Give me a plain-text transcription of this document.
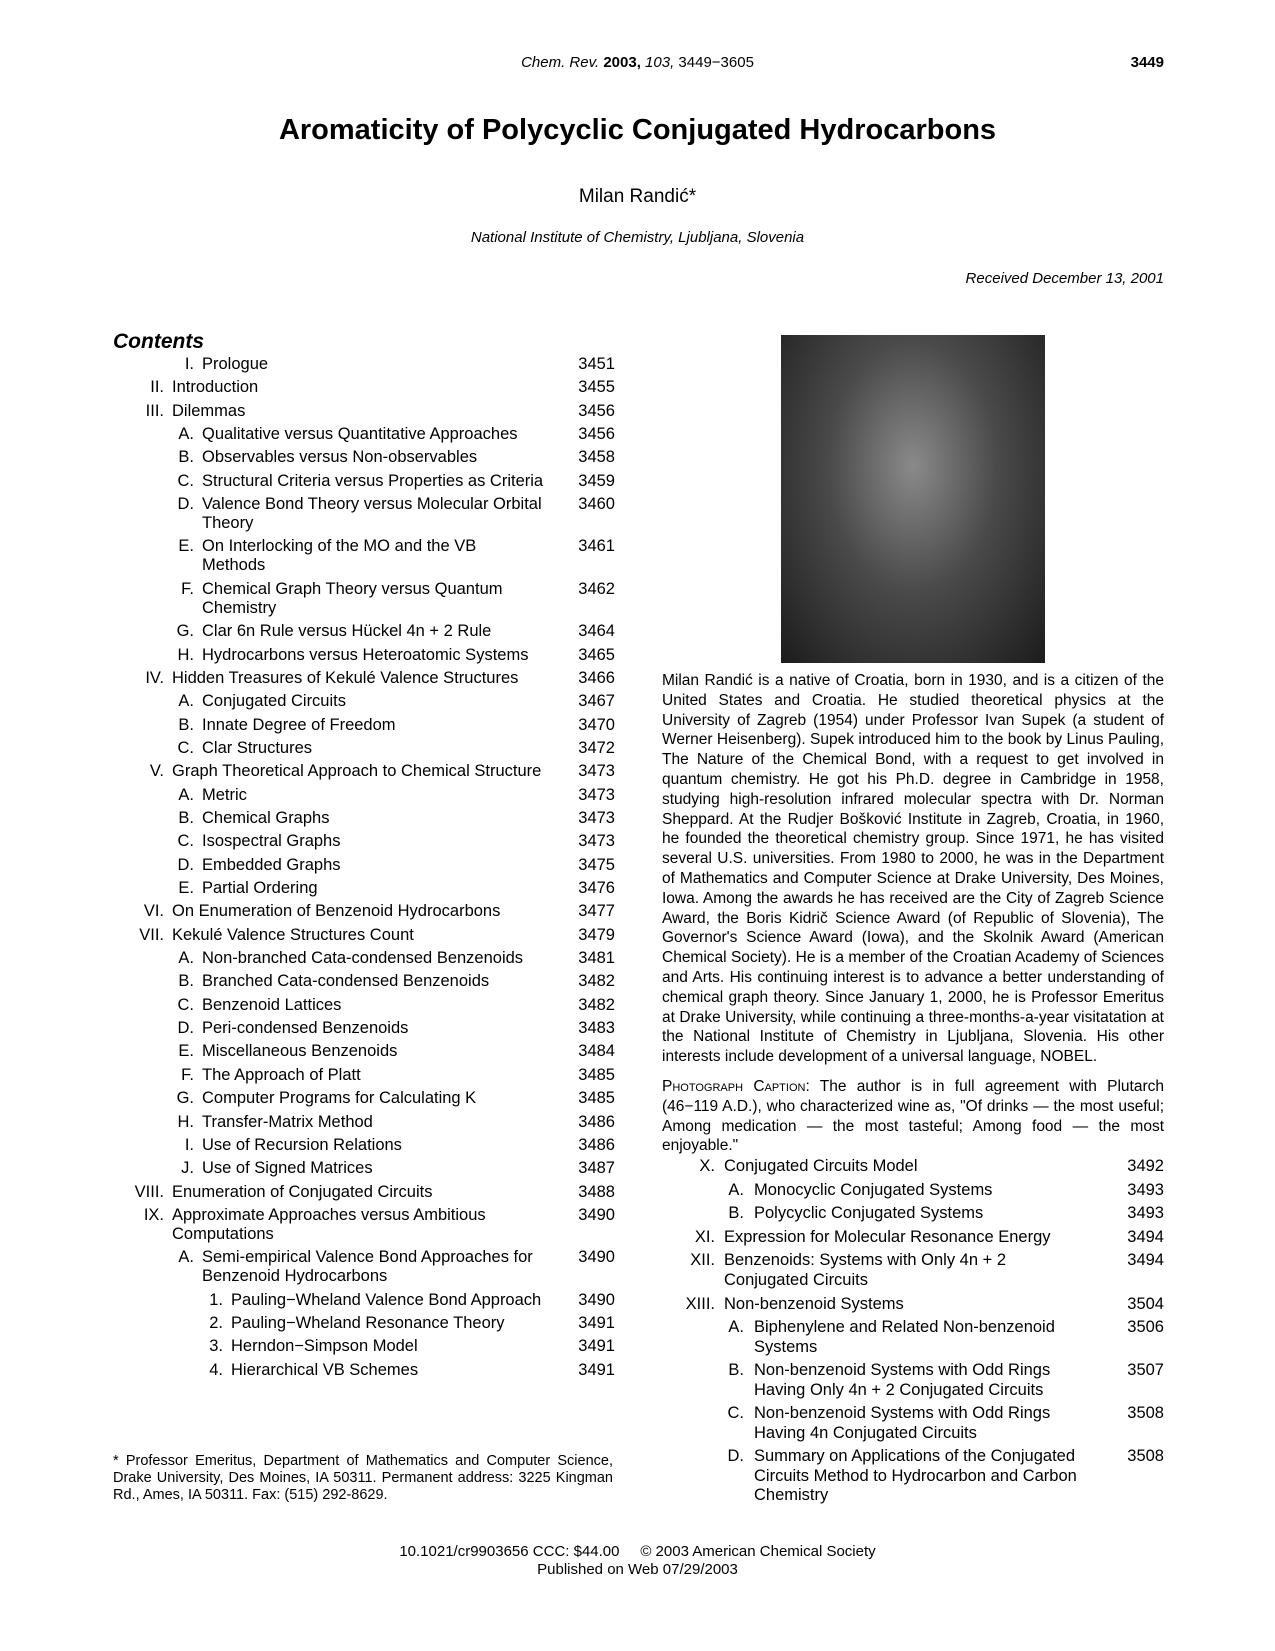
Chem. Rev. 2003, 103, 3449−3605	3449
Aromaticity of Polycyclic Conjugated Hydrocarbons
Milan Randić*
National Institute of Chemistry, Ljubljana, Slovenia
Received December 13, 2001
Contents
I. Prologue	3451
II. Introduction	3455
III. Dilemmas	3456
A. Qualitative versus Quantitative Approaches	3456
B. Observables versus Non-observables	3458
C. Structural Criteria versus Properties as Criteria 3459
D. Valence Bond Theory versus Molecular Orbital
Theory
3460
E. On Interlocking of the MO and the VB
Methods
3461
F. Chemical Graph Theory versus Quantum
Chemistry
3462
G. Clar 6n Rule versus Hückel 4n + 2 Rule	3464
H. Hydrocarbons versus Heteroatomic Systems	3465
IV. Hidden Treasures of Kekulé Valence Structures	3466
A. Conjugated Circuits	3467
B. Innate Degree of Freedom	3470
C. Clar Structures	3472
V. Graph Theoretical Approach to Chemical Structure 3473
A. Metric	3473
B. Chemical Graphs	3473
C. Isospectral Graphs	3473
D. Embedded Graphs	3475
E. Partial Ordering	3476
VI. On Enumeration of Benzenoid Hydrocarbons	3477
VII. Kekulé Valence Structures Count	3479
A. Non-branched Cata-condensed Benzenoids	3481
B. Branched Cata-condensed Benzenoids	3482
C. Benzenoid Lattices	3482
D. Peri-condensed Benzenoids	3483
E. Miscellaneous Benzenoids	3484
F. The Approach of Platt	3485
G. Computer Programs for Calculating K	3485
H. Transfer-Matrix Method	3486
I. Use of Recursion Relations	3486
J. Use of Signed Matrices	3487
VIII. Enumeration of Conjugated Circuits	3488
IX. Approximate Approaches versus Ambitious
Computations
3490
A. Semi-empirical Valence Bond Approaches for
Benzenoid Hydrocarbons
3490
1. Pauling−Wheland Valence Bond Approach 3490
2. Pauling−Wheland Resonance Theory	3491
3. Herndon−Simpson Model	3491
4. Hierarchical VB Schemes	3491
Milan Randić is a native of Croatia, born in 1930, and is a citizen of the United States and Croatia. He studied theoretical physics at the University of Zagreb (1954) under Professor Ivan Supek (a student of Werner Heisenberg). Supek introduced him to the book by Linus Pauling, The Nature of the Chemical Bond, with a request to get involved in quantum chemistry. He got his Ph.D. degree in Cambridge in 1958, studying high-resolution infrared molecular spectra with Dr. Norman Sheppard. At the Rudjer Bošković Institute in Zagreb, Croatia, in 1960, he founded the theoretical chemistry group. Since 1971, he has visited several U.S. universities. From 1980 to 2000, he was in the Department of Mathematics and Computer Science at Drake University, Des Moines, Iowa. Among the awards he has received are the City of Zagreb Science Award, the Boris Kidrič Science Award (of Republic of Slovenia), The Governor's Science Award (Iowa), and the Skolnik Award (American Chemical Society). He is a member of the Croatian Academy of Sciences and Arts. His continuing interest is to advance a better understanding of chemical graph theory. Since January 1, 2000, he is Professor Emeritus at Drake University, while continuing a three-months-a-year visitatation at the National Institute of Chemistry in Ljubljana, Slovenia. His other interests include development of a universal language, NOBEL.
Photograph Caption: The author is in full agreement with Plutarch (46−119 A.D.), who characterized wine as, "Of drinks — the most useful; Among medication — the most tasteful; Among food — the most enjoyable."
X. Conjugated Circuits Model	3492
A. Monocyclic Conjugated Systems	3493
B. Polycyclic Conjugated Systems	3493
XI. Expression for Molecular Resonance Energy	3494
XII. Benzenoids: Systems with Only 4n + 2
Conjugated Circuits
3494
XIII. Non-benzenoid Systems	3504
A. Biphenylene and Related Non-benzenoid
Systems
3506
B. Non-benzenoid Systems with Odd Rings
Having Only 4n + 2 Conjugated Circuits
3507
C. Non-benzenoid Systems with Odd Rings
Having 4n Conjugated Circuits
3508
D. Summary on Applications of the Conjugated
Circuits Method to Hydrocarbon and Carbon
Chemistry
3508
* Professor Emeritus, Department of Mathematics and Computer Science, Drake University, Des Moines, IA 50311. Permanent address: 3225 Kingman Rd., Ames, IA 50311. Fax: (515) 292-8629.
10.1021/cr9903656 CCC: $44.00     © 2003 American Chemical Society
Published on Web 07/29/2003
